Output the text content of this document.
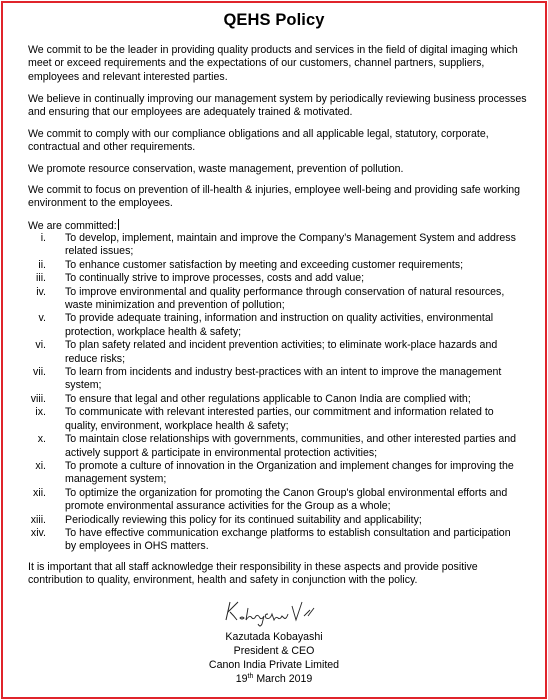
QEHS Policy
We commit to be the leader in providing quality products and services in the field of digital imaging which meet or exceed requirements and the expectations of our customers, channel partners, suppliers, employees and relevant interested parties.
We believe in continually improving our management system by periodically reviewing business processes and ensuring that our employees are adequately trained & motivated.
We commit to comply with our compliance obligations and all applicable legal, statutory, corporate, contractual and other requirements.
We promote resource conservation, waste management, prevention of pollution.
We commit to focus on prevention of ill-health & injuries, employee well-being and providing safe working environment to the employees.
We are committed:
i. To develop, implement, maintain and improve the Company’s Management System and address related issues;
ii. To enhance customer satisfaction by meeting and exceeding customer requirements;
iii. To continually strive to improve processes, costs and add value;
iv. To improve environmental and quality performance through conservation of natural resources, waste minimization and prevention of pollution;
v. To provide adequate training, information and instruction on quality activities, environmental protection, workplace health & safety;
vi. To plan safety related and incident prevention activities; to eliminate work-place hazards and reduce risks;
vii. To learn from incidents and industry best-practices with an intent to improve the management system;
viii. To ensure that legal and other regulations applicable to Canon India are complied with;
ix. To communicate with relevant interested parties, our commitment and information related to quality, environment, workplace health & safety;
x. To maintain close relationships with governments, communities, and other interested parties and actively support & participate in environmental protection activities;
xi. To promote a culture of innovation in the Organization and implement changes for improving the management system;
xii. To optimize the organization for promoting the Canon Group's global environmental efforts and promote environmental assurance activities for the Group as a whole;
xiii. Periodically reviewing this policy for its continued suitability and applicability;
xiv. To have effective communication exchange platforms to establish consultation and participation by employees in OHS matters.
It is important that all staff acknowledge their responsibility in these aspects and provide positive contribution to quality, environment, health and safety in conjunction with the policy.
Kazutada Kobayashi
President & CEO
Canon India Private Limited
19th March 2019
